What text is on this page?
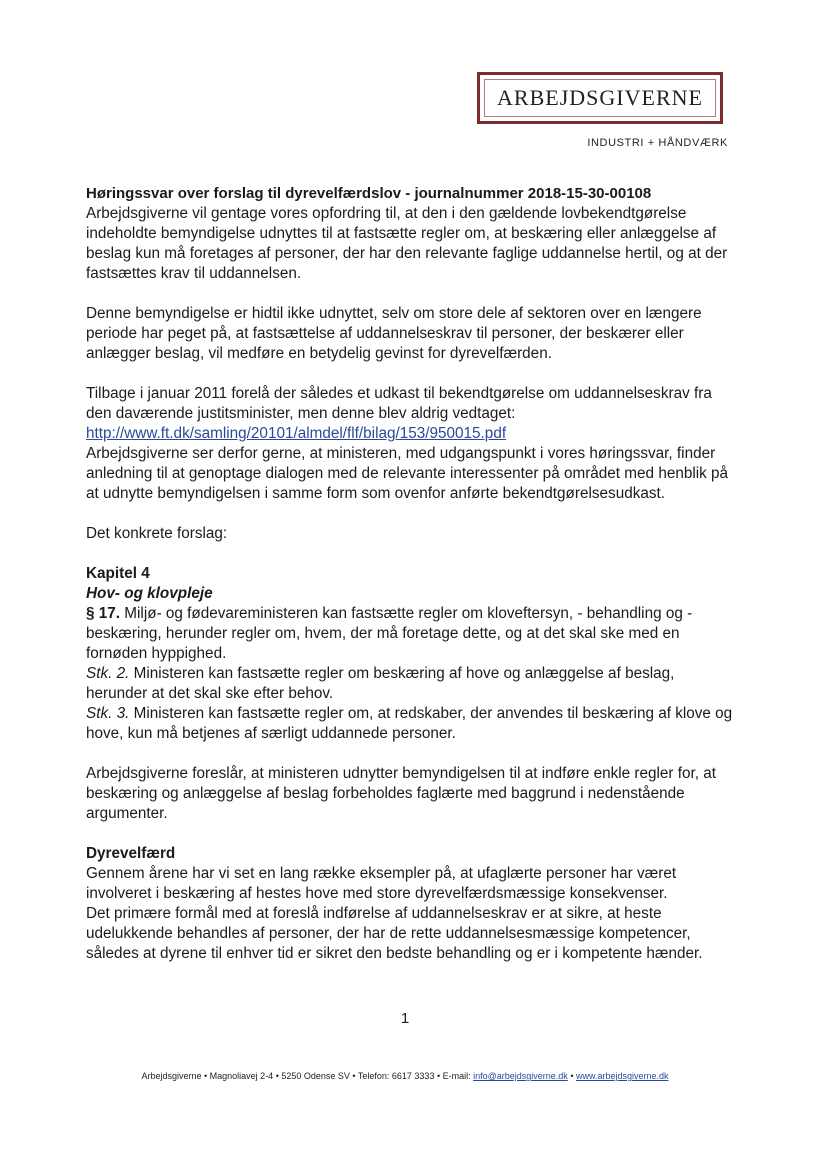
ARBEJDSGIVERNE
INDUSTRI + HÅNDVÆRK

Høringssvar over forslag til dyrevelfærdslov - journalnummer 2018-15-30-00108

Arbejdsgiverne vil gentage vores opfordring til, at den i den gældende lovbekendtgørelse indeholdte bemyndigelse udnyttes til at fastsætte regler om, at beskæring eller anlæggelse af beslag kun må foretages af personer, der har den relevante faglige uddannelse hertil, og at der fastsættes krav til uddannelsen.

Denne bemyndigelse er hidtil ikke udnyttet, selv om store dele af sektoren over en længere periode har peget på, at fastsættelse af uddannelseskrav til personer, der beskærer eller anlægger beslag, vil medføre en betydelig gevinst for dyrevelfærden.

Tilbage i januar 2011 forelå der således et udkast til bekendtgørelse om uddannelseskrav fra den daværende justitsminister, men denne blev aldrig vedtaget:

http://www.ft.dk/samling/20101/almdel/flf/bilag/153/950015.pdf

Arbejdsgiverne ser derfor gerne, at ministeren, med udgangspunkt i vores høringssvar, finder anledning til at genoptage dialogen med de relevante interessenter på området med henblik på at udnytte bemyndigelsen i samme form som ovenfor anførte bekendtgørelsesudkast.

Det konkrete forslag:

Kapitel 4

Hov- og klovpleje

§ 17. Miljø- og fødevareministeren kan fastsætte regler om kloveftersyn, - behandling og - beskæring, herunder regler om, hvem, der må foretage dette, og at det skal ske med en fornøden hyppighed.

Stk. 2. Ministeren kan fastsætte regler om beskæring af hove og anlæggelse af beslag, herunder at det skal ske efter behov.

Stk. 3. Ministeren kan fastsætte regler om, at redskaber, der anvendes til beskæring af klove og hove, kun må betjenes af særligt uddannede personer.

Arbejdsgiverne foreslår, at ministeren udnytter bemyndigelsen til at indføre enkle regler for, at beskæring og anlæggelse af beslag forbeholdes faglærte med baggrund i nedenstående argumenter.

Dyrevelfærd

Gennem årene har vi set en lang række eksempler på, at ufaglærte personer har været involveret i beskæring af hestes hove med store dyrevelfærdsmæssige konsekvenser.

Det primære formål med at foreslå indførelse af uddannelseskrav er at sikre, at heste udelukkende behandles af personer, der har de rette uddannelsesmæssige kompetencer, således at dyrene til enhver tid er sikret den bedste behandling og er i kompetente hænder.

1
Arbejdsgiverne • Magnoliavej 2-4 • 5250 Odense SV • Telefon: 6617 3333 • E-mail: info@arbejdsgiverne.dk • www.arbejdsgiverne.dk
